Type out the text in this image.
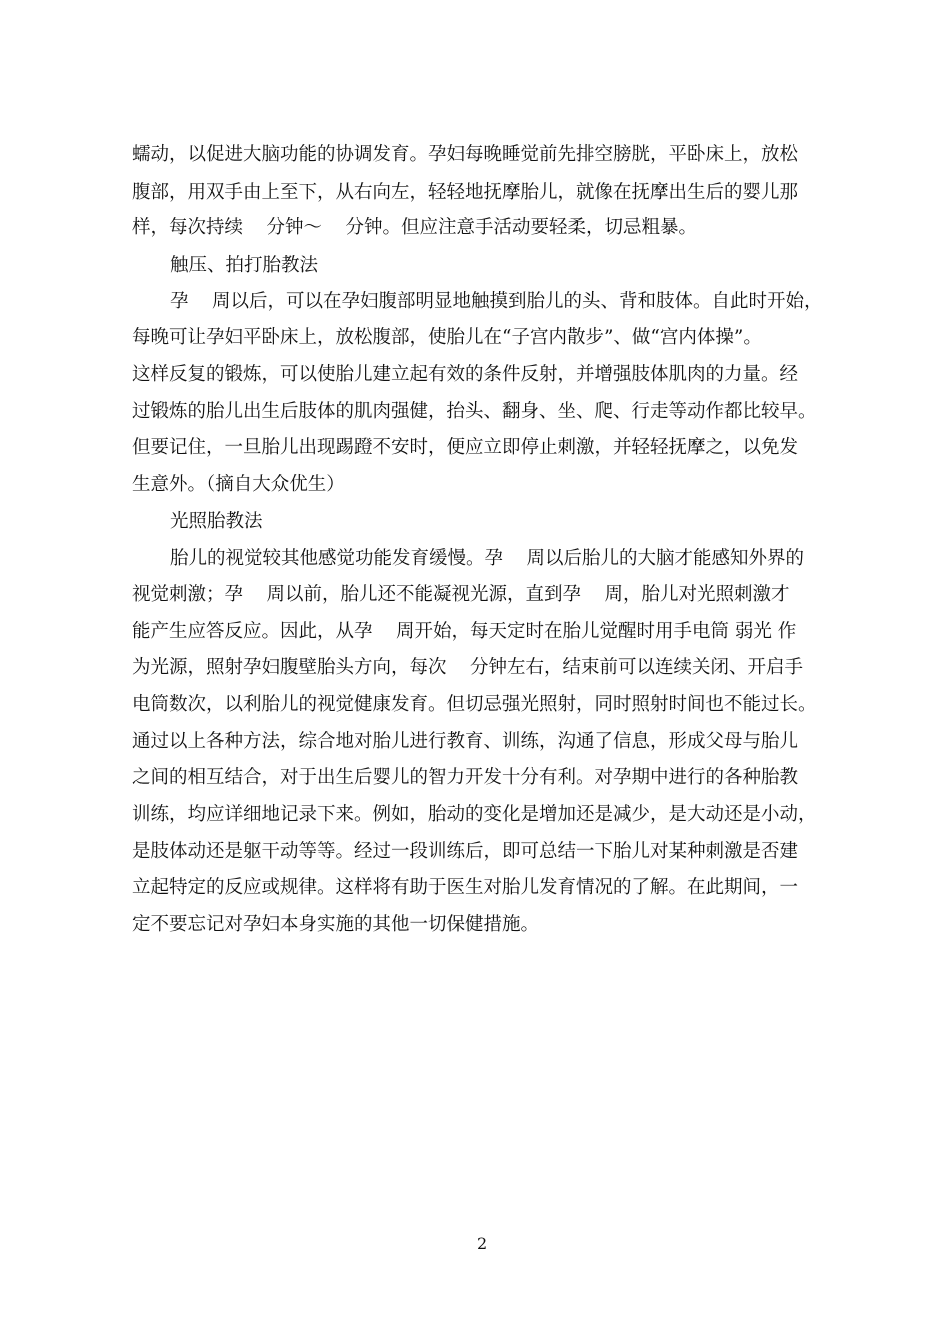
蠕动，以促进大脑功能的协调发育。孕妇每晚睡觉前先排空膀胱，平卧床上，放松
腹部，用双手由上至下，从右向左，轻轻地抚摩胎儿，就像在抚摩出生后的婴儿那
样，每次持续    分钟～    分钟。但应注意手活动要轻柔，切忌粗暴。
触压、拍打胎教法
孕    周以后，可以在孕妇腹部明显地触摸到胎儿的头、背和肢体。自此时开始，
每晚可让孕妇平卧床上，放松腹部，使胎儿在“子宫内散步”、做“宫内体操”。
这样反复的锻炼，可以使胎儿建立起有效的条件反射，并增强肢体肌肉的力量。经
过锻炼的胎儿出生后肢体的肌肉强健，抬头、翻身、坐、爬、行走等动作都比较早。
但要记住，一旦胎儿出现踢蹬不安时，便应立即停止刺激，并轻轻抚摩之，以免发
生意外。（摘自大众优生）
光照胎教法
胎儿的视觉较其他感觉功能发育缓慢。孕    周以后胎儿的大脑才能感知外界的
视觉刺激；孕    周以前，胎儿还不能凝视光源，直到孕    周，胎儿对光照刺激才
能产生应答反应。因此，从孕    周开始，每天定时在胎儿觉醒时用手电筒 弱光 作
为光源，照射孕妇腹壁胎头方向，每次    分钟左右，结束前可以连续关闭、开启手
电筒数次，以利胎儿的视觉健康发育。但切忌强光照射，同时照射时间也不能过长。
通过以上各种方法，综合地对胎儿进行教育、训练，沟通了信息，形成父母与胎儿
之间的相互结合，对于出生后婴儿的智力开发十分有利。对孕期中进行的各种胎教
训练，均应详细地记录下来。例如，胎动的变化是增加还是减少，是大动还是小动，
是肢体动还是躯干动等等。经过一段训练后，即可总结一下胎儿对某种刺激是否建
立起特定的反应或规律。这样将有助于医生对胎儿发育情况的了解。在此期间，一
定不要忘记对孕妇本身实施的其他一切保健措施。
2
